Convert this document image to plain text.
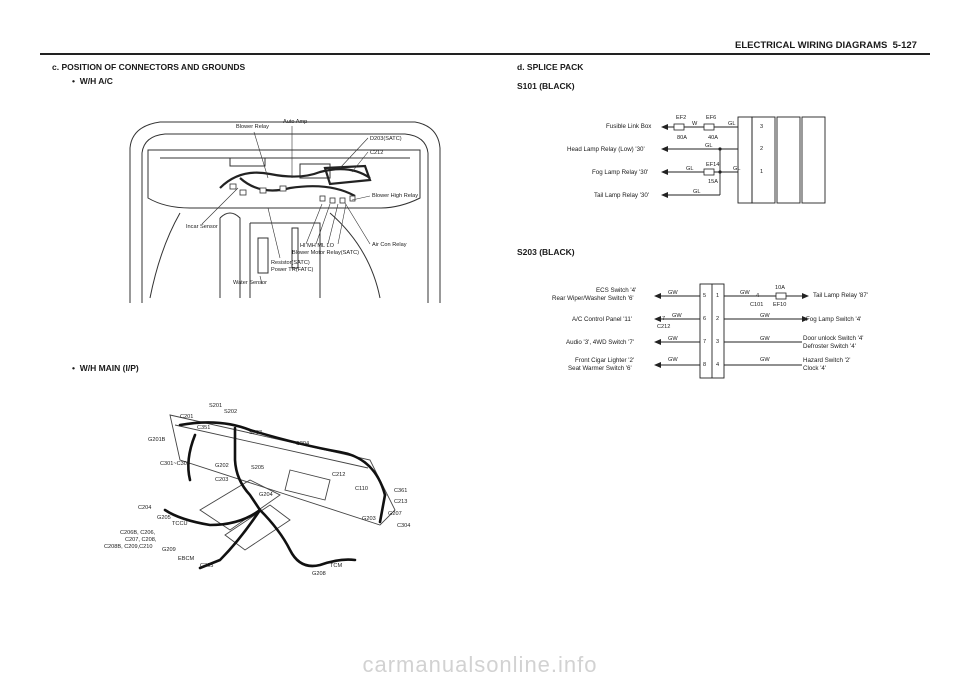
ELECTRICAL WIRING DIAGRAMS 5-127
c. POSITION OF CONNECTORS AND GROUNDS
•  W/H A/C
•  W/H MAIN (I/P)
d. SPLICE PACK
S101 (BLACK)
S203 (BLACK)
Blower Relay
Auto Amp
D203(SATC)
C212
Blower High Relay
Incar Sensor
Air Con Relay
HI MH ML LO
Blower Motor Relay(SATC)
Resistor(SATC)
Power TR(FATC)
Water Sensor
S201
S202
C201
C351
G201B
S203
S204
C301~C303	G202	S205
C203
C212
C110
G204
C361
C204
C213
G207
G205	G203
C304
TCCU
C206B, C206,
C207, C208,
C208B, C209,C210 G209
EBCM
C305	TCM
G208
Fusible Link Box
Head Lamp Relay (Low) '30'
Fog Lamp Relay '30'
Tail Lamp Relay '30'
EF2	EF6
EF14
80A	40A
15A
W	GL
GL
GL	GL
GL
3
2
1
ECS Switch '4'
Rear Wiper/Washer Switch '6'
A/C Control Panel '11'
Audio '3', 4WD Switch '7'
Front Cigar Lighter '2'
Seat Warmer Switch '6'
Tail Lamp Relay '87'
Fog Lamp Switch '4'
Door unlock Switch '4'
Defroster Switch '4'
Hazard Switch '2'
Clock '4'
GW
GW
GW
GW
GW
GW
GW
GW
5
6
7
8
1
2
3
4
7
C212
4
C101 EF10
10A
carmanualsonline.info
